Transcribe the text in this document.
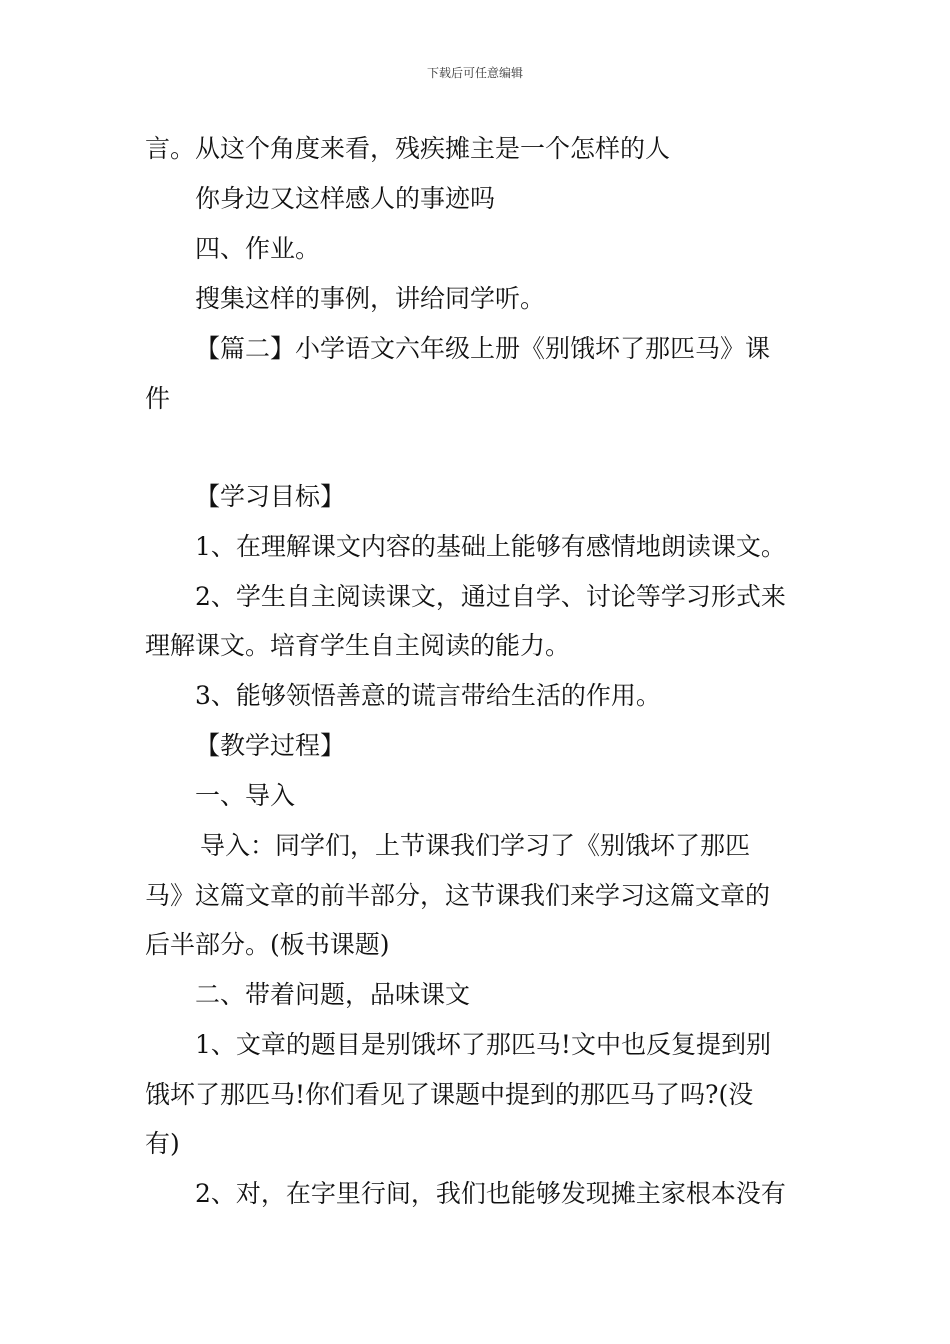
下载后可任意编辑

言。从这个角度来看，残疾摊主是一个怎样的人

你身边又这样感人的事迹吗

四、作业。

搜集这样的事例，讲给同学听。

【篇二】小学语文六年级上册《别饿坏了那匹马》课

件

【学习目标】

1、在理解课文内容的基础上能够有感情地朗读课文。

2、学生自主阅读课文，通过自学、讨论等学习形式来

理解课文。培育学生自主阅读的能力。

3、能够领悟善意的谎言带给生活的作用。

【教学过程】

一、导入

导入：同学们，上节课我们学习了《别饿坏了那匹

马》这篇文章的前半部分，这节课我们来学习这篇文章的

后半部分。(板书课题)

二、带着问题，品味课文

1、文章的题目是别饿坏了那匹马!文中也反复提到别

饿坏了那匹马!你们看见了课题中提到的那匹马了吗?(没

有)

2、对，在字里行间，我们也能够发现摊主家根本没有
